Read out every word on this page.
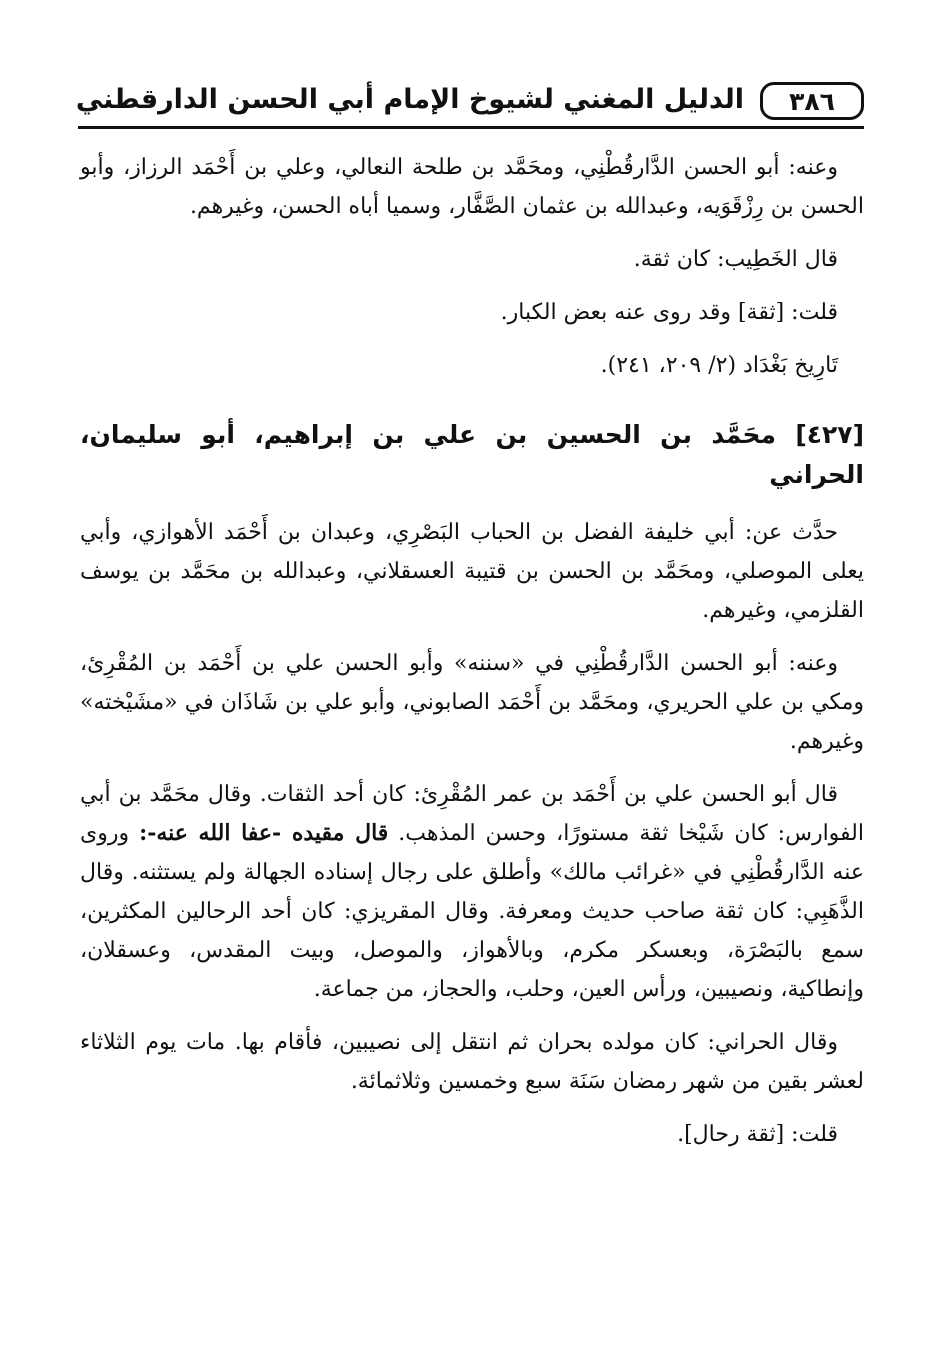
٣٨٦
الدليل المغني لشيوخ الإمام أبي الحسن الدارقطني

وعنه: أبو الحسن الدَّارقُطْنِي، ومحَمَّد بن طلحة النعالي، وعلي بن أَحْمَد الرزاز، وأبو الحسن بن رِزْقَوَيه، وعبدالله بن عثمان الصَّفَّار، وسميا أباه الحسن، وغيرهم.

قال الخَطِيب: كان ثقة.

قلت: [ثقة] وقد روى عنه بعض الكبار.

تَارِيخ بَغْدَاد (٢/ ٢٠٩، ٢٤١).

[٤٢٧] محَمَّد بن الحسين بن علي بن إبراهيم، أبو سليمان، الحراني

حدَّث عن: أبي خليفة الفضل بن الحباب البَصْرِي، وعبدان بن أَحْمَد الأهوازي، وأبي يعلى الموصلي، ومحَمَّد بن الحسن بن قتيبة العسقلاني، وعبدالله بن محَمَّد بن يوسف القلزمي، وغيرهم.

وعنه: أبو الحسن الدَّارقُطْنِي في «سننه» وأبو الحسن علي بن أَحْمَد بن المُقْرِئ، ومكي بن علي الحريري، ومحَمَّد بن أَحْمَد الصابوني، وأبو علي بن شَاذَان في «مشَيْخته» وغيرهم.

قال أبو الحسن علي بن أَحْمَد بن عمر المُقْرِئ: كان أحد الثقات. وقال محَمَّد بن أبي الفوارس: كان شَيْخا ثقة مستورًا، وحسن المذهب. قال مقيده -عفا الله عنه-: وروى عنه الدَّارقُطْنِي في «غرائب مالك» وأطلق على رجال إسناده الجهالة ولم يستثنه. وقال الذَّهَبِي: كان ثقة صاحب حديث ومعرفة. وقال المقريزي: كان أحد الرحالين المكثرين، سمع بالبَصْرَة، وبعسكر مكرم، وبالأهواز، والموصل، وبيت المقدس، وعسقلان، وإنطاكية، ونصيبين، ورأس العين، وحلب، والحجاز، من جماعة.

وقال الحراني: كان مولده بحران ثم انتقل إلى نصيبين، فأقام بها. مات يوم الثلاثاء لعشر بقين من شهر رمضان سَنَة سبع وخمسين وثلاثمائة.

قلت: [ثقة رحال].
